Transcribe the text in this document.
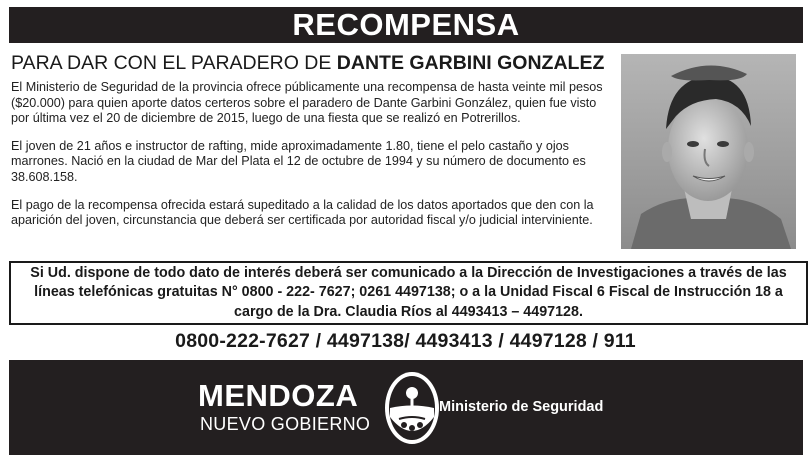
RECOMPENSA
PARA DAR CON EL PARADERO DE DANTE GARBINI GONZALEZ

El Ministerio de Seguridad de la provincia ofrece públicamente una recompensa de hasta veinte mil pesos ($20.000) para quien aporte datos certeros sobre el paradero de Dante Garbini González, quien fue visto por última vez el 20 de diciembre de 2015, luego de una fiesta que se realizó en Potrerillos.

El joven de 21 años e instructor de rafting, mide aproximadamente 1.80, tiene el pelo castaño y ojos marrones. Nació en la ciudad de Mar del Plata el 12 de octubre de 1994 y su número de documento es 38.608.158.

El pago de la recompensa ofrecida estará supeditado a la calidad de los datos aportados que den con la aparición del joven, circunstancia que deberá ser certificada por autoridad fiscal y/o judicial interviniente.

Si Ud. dispone de todo dato de interés deberá ser comunicado a la Dirección de Investigaciones a través de las líneas telefónicas gratuitas N° 0800 - 222- 7627; 0261 4497138; o a la Unidad Fiscal 6 Fiscal de Instrucción 18 a cargo de la Dra. Claudia Ríos al 4493413 – 4497128.
0800-222-7627 / 4497138/ 4493413 / 4497128 / 911
MENDOZA
NUEVO GOBIERNO
Ministerio de Seguridad
